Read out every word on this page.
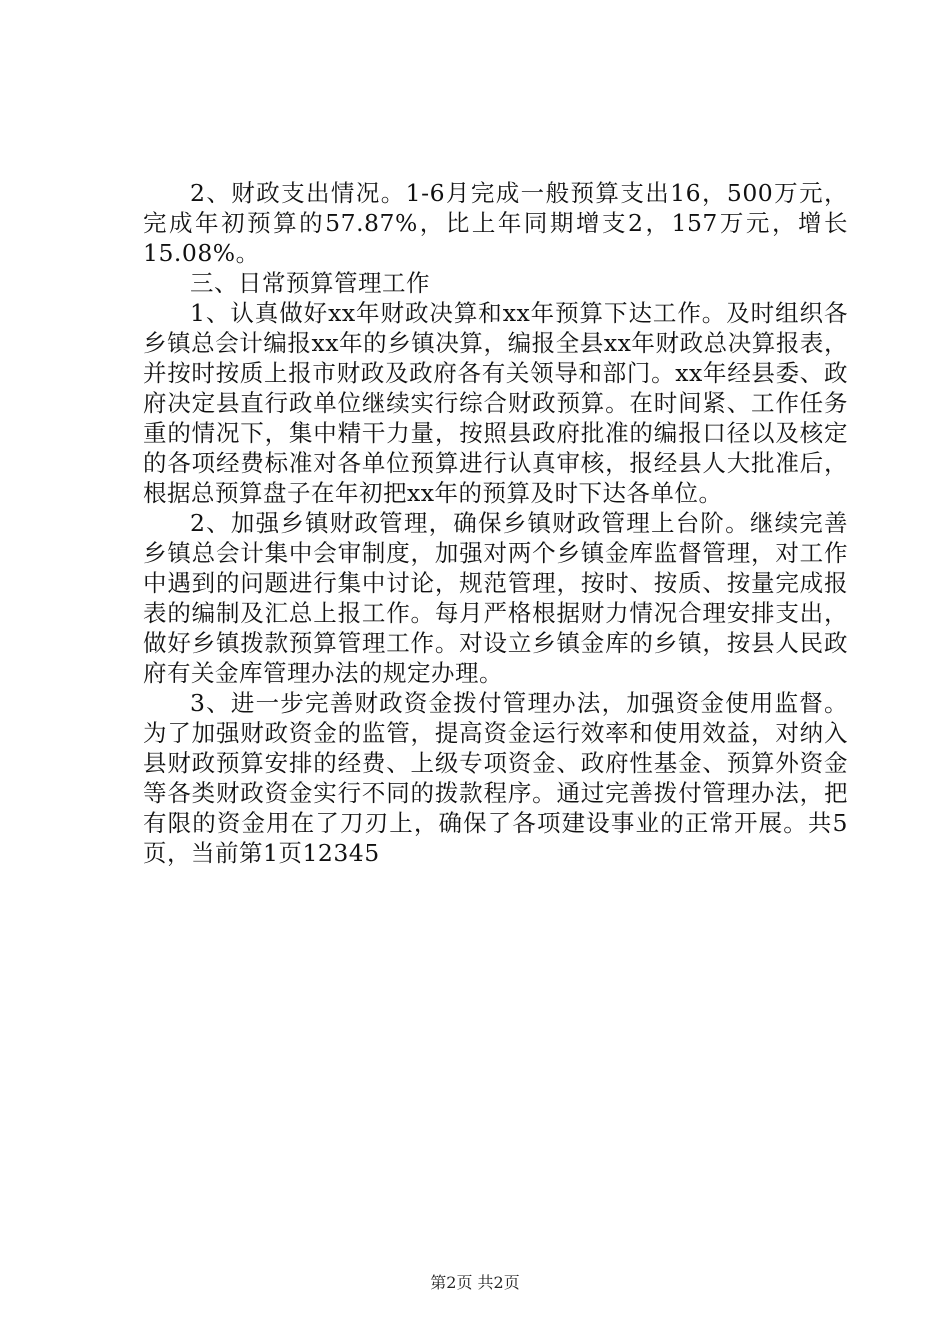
2、财政支出情况。1-6月完成一般预算支出16，500万元，完成年初预算的57.87%，比上年同期增支2，157万元，增长15.08%。

三、日常预算管理工作

1、认真做好xx年财政决算和xx年预算下达工作。及时组织各乡镇总会计编报xx年的乡镇决算，编报全县xx年财政总决算报表，并按时按质上报市财政及政府各有关领导和部门。xx年经县委、政府决定县直行政单位继续实行综合财政预算。在时间紧、工作任务重的情况下，集中精干力量，按照县政府批准的编报口径以及核定的各项经费标准对各单位预算进行认真审核，报经县人大批准后，根据总预算盘子在年初把xx年的预算及时下达各单位。

2、加强乡镇财政管理，确保乡镇财政管理上台阶。继续完善乡镇总会计集中会审制度，加强对两个乡镇金库监督管理，对工作中遇到的问题进行集中讨论，规范管理，按时、按质、按量完成报表的编制及汇总上报工作。每月严格根据财力情况合理安排支出，做好乡镇拨款预算管理工作。对设立乡镇金库的乡镇，按县人民政府有关金库管理办法的规定办理。

3、进一步完善财政资金拨付管理办法，加强资金使用监督。为了加强财政资金的监管，提高资金运行效率和使用效益，对纳入县财政预算安排的经费、上级专项资金、政府性基金、预算外资金等各类财政资金实行不同的拨款程序。通过完善拨付管理办法，把有限的资金用在了刀刃上，确保了各项建设事业的正常开展。共5页，当前第1页12345

第2页 共2页
